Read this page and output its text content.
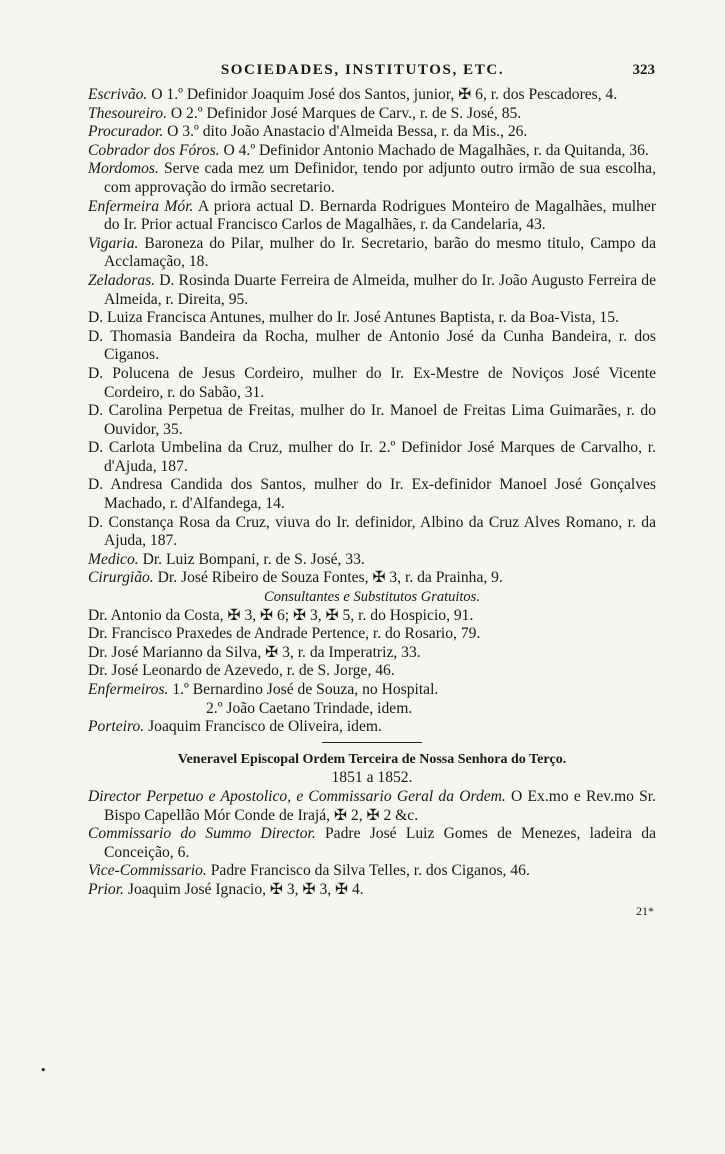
SOCIEDADES, INSTITUTOS, ETC.	323
Escrivão. O 1.º Definidor Joaquim José dos Santos, junior, ✠ 6, r. dos Pescadores, 4.
Thesoureiro. O 2.º Definidor José Marques de Carv., r. de S. José, 85.
Procurador. O 3.º dito João Anastacio d'Almeida Bessa, r. da Mis., 26.
Cobrador dos Fóros. O 4.º Definidor Antonio Machado de Magalhães, r. da Quitanda, 36.
Mordomos. Serve cada mez um Definidor, tendo por adjunto outro irmão de sua escolha, com approvação do irmão secretario.
Enfermeira Mór. A priora actual D. Bernarda Rodrigues Monteiro de Magalhães, mulher do Ir. Prior actual Francisco Carlos de Magalhães, r. da Candelaria, 43.
Vigaria. Baroneza do Pilar, mulher do Ir. Secretario, barão do mesmo titulo, Campo da Acclamação, 18.
Zeladoras. D. Rosinda Duarte Ferreira de Almeida, mulher do Ir. João Augusto Ferreira de Almeida, r. Direita, 95.
D. Luiza Francisca Antunes, mulher do Ir. José Antunes Baptista, r. da Boa-Vista, 15.
D. Thomasia Bandeira da Rocha, mulher de Antonio José da Cunha Bandeira, r. dos Ciganos.
D. Polucena de Jesus Cordeiro, mulher do Ir. Ex-Mestre de Noviços José Vicente Cordeiro, r. do Sabão, 31.
D. Carolina Perpetua de Freitas, mulher do Ir. Manoel de Freitas Lima Guimarães, r. do Ouvidor, 35.
D. Carlota Umbelina da Cruz, mulher do Ir. 2.º Definidor José Marques de Carvalho, r. d'Ajuda, 187.
D. Andresa Candida dos Santos, mulher do Ir. Ex-definidor Manoel José Gonçalves Machado, r. d'Alfandega, 14.
D. Constança Rosa da Cruz, viuva do Ir. definidor, Albino da Cruz Alves Romano, r. da Ajuda, 187.
Medico. Dr. Luiz Bompani, r. de S. José, 33.
Cirurgião. Dr. José Ribeiro de Souza Fontes, ✠ 3, r. da Prainha, 9.
Consultantes e Substitutos Gratuitos.
Dr. Antonio da Costa, ✠ 3, ✠ 6; ✠ 3, ✠ 5, r. do Hospicio, 91.
Dr. Francisco Praxedes de Andrade Pertence, r. do Rosario, 79.
Dr. José Marianno da Silva, ✠ 3, r. da Imperatriz, 33.
Dr. José Leonardo de Azevedo, r. de S. Jorge, 46.
Enfermeiros. 1.º Bernardino José de Souza, no Hospital.
2.º João Caetano Trindade, idem.
Porteiro. Joaquim Francisco de Oliveira, idem.
Veneravel Episcopal Ordem Terceira de Nossa Senhora do Terço.
1851 a 1852.
Director Perpetuo e Apostolico, e Commissario Geral da Ordem. O Ex.mo e Rev.mo Sr. Bispo Capellão Mór Conde de Irajá, ✠ 2, ✠ 2 &c.
Commissario do Summo Director. Padre José Luiz Gomes de Menezes, ladeira da Conceição, 6.
Vice-Commissario. Padre Francisco da Silva Telles, r. dos Ciganos, 46.
Prior. Joaquim José Ignacio, ✠ 3, ✠ 3, ✠ 4.
21*
•
